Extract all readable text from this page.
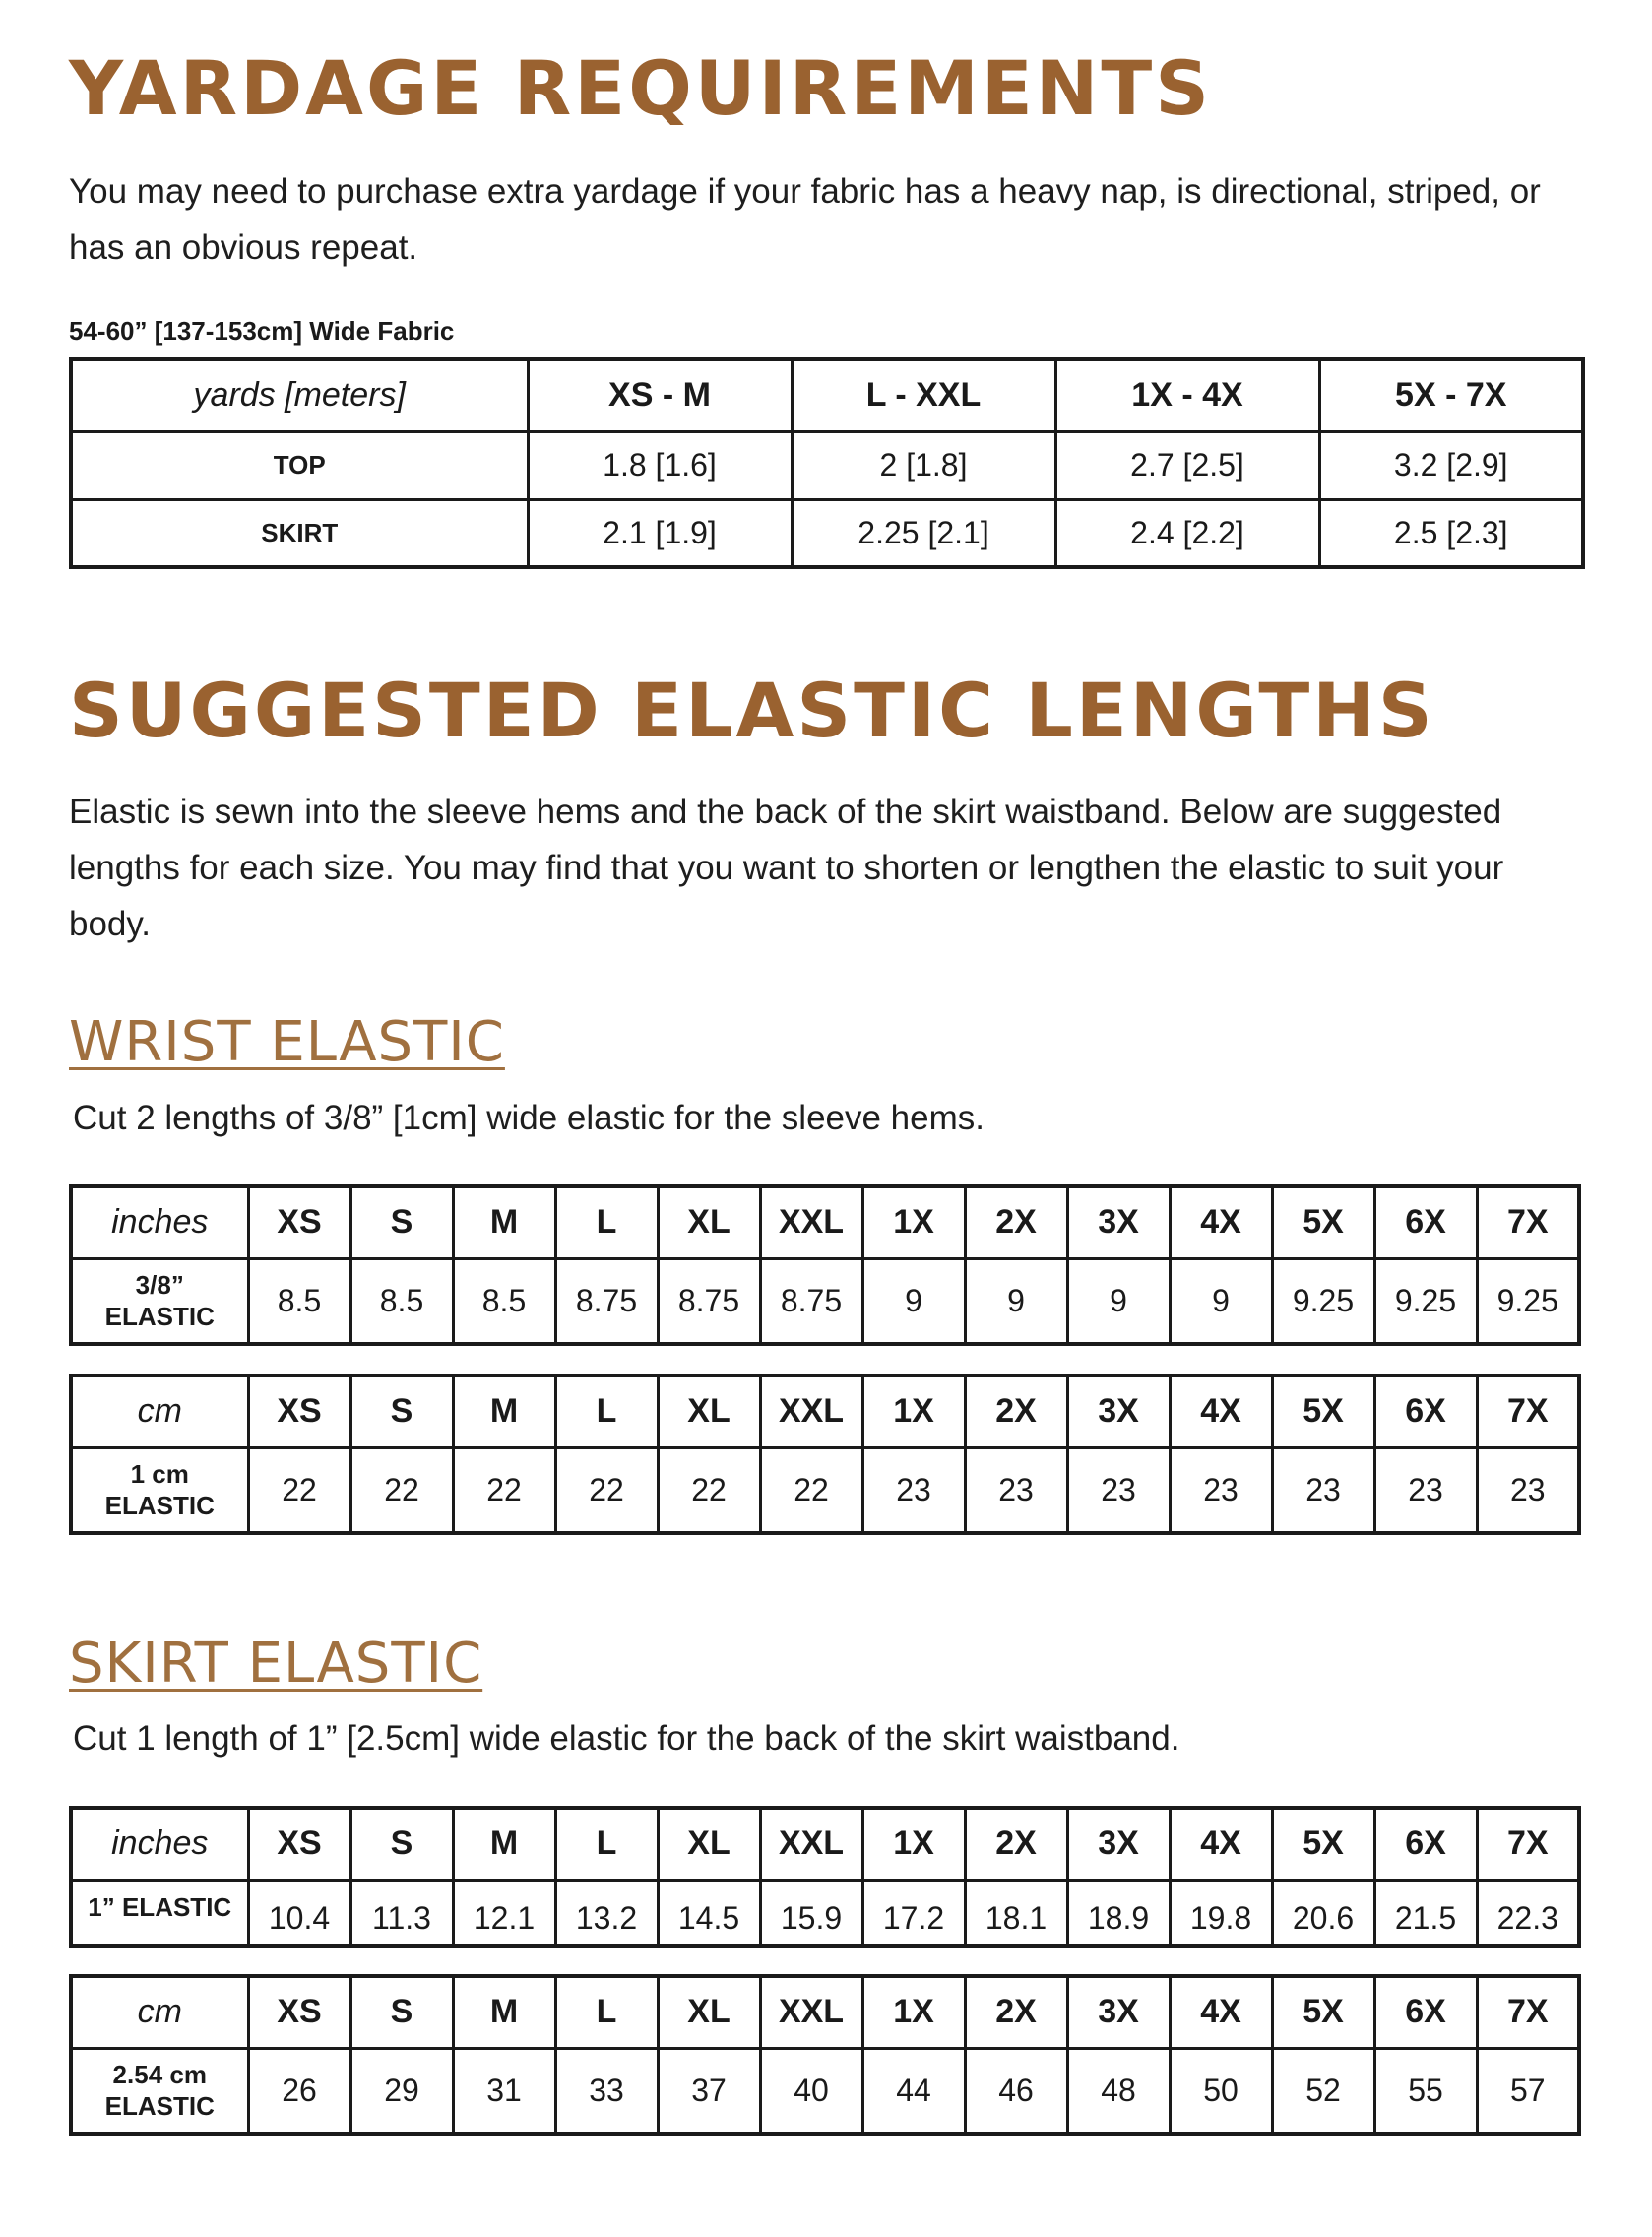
YARDAGE REQUIREMENTS

You may need to purchase extra yardage if your fabric has a heavy nap, is directional, striped, or has an obvious repeat.

54-60” [137-153cm] Wide Fabric

yards [meters]	XS - M	L - XXL	1X - 4X	5X - 7X
TOP	1.8 [1.6]	2 [1.8]	2.7 [2.5]	3.2 [2.9]
SKIRT	2.1 [1.9]	2.25 [2.1]	2.4 [2.2]	2.5 [2.3]
SUGGESTED ELASTIC LENGTHS

Elastic is sewn into the sleeve hems and the back of the skirt waistband. Below are suggested lengths for each size. You may find that you want to shorten or lengthen the elastic to suit your body.

WRIST ELASTIC

Cut 2 lengths of 3/8” [1cm] wide elastic for the sleeve hems.

inches	XS	S	M	L	XL	XXL	1X	2X	3X	4X	5X	6X	7X
3/8”
ELASTIC	8.5	8.5	8.5	8.75	8.75	8.75	9	9	9	9	9.25	9.25	9.25
cm	XS	S	M	L	XL	XXL	1X	2X	3X	4X	5X	6X	7X
1 cm
ELASTIC	22	22	22	22	22	22	23	23	23	23	23	23	23
SKIRT ELASTIC

Cut 1 length of 1” [2.5cm] wide elastic for the back of the skirt waistband.

inches	XS	S	M	L	XL	XXL	1X	2X	3X	4X	5X	6X	7X
1” ELASTIC	10.4	11.3	12.1	13.2	14.5	15.9	17.2	18.1	18.9	19.8	20.6	21.5	22.3
cm	XS	S	M	L	XL	XXL	1X	2X	3X	4X	5X	6X	7X
2.54 cm
ELASTIC	26	29	31	33	37	40	44	46	48	50	52	55	57
